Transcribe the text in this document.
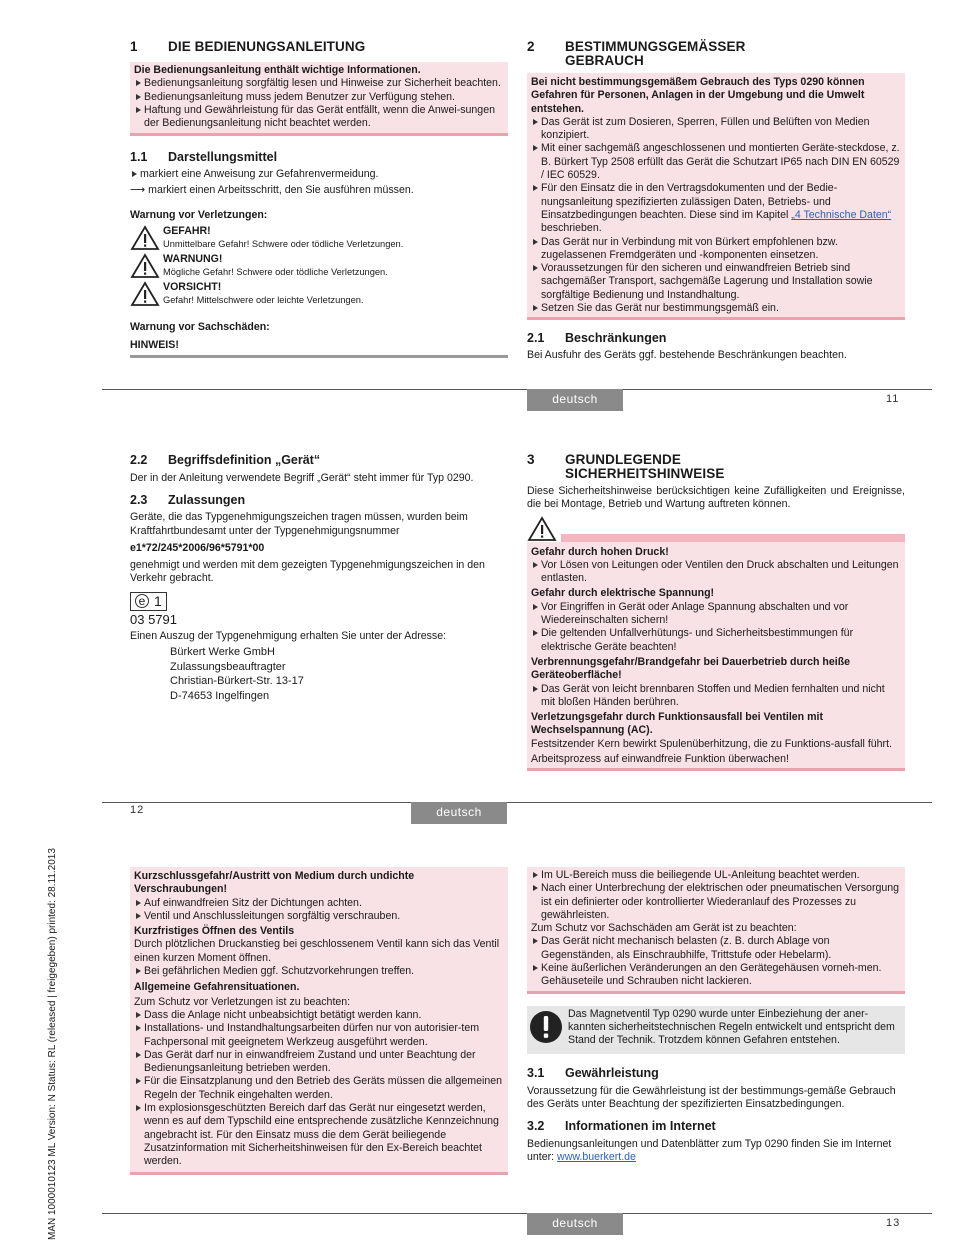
MAN 1000010123 ML Version: N Status: RL (released | freigegeben) printed: 28.11.2013
1 DIE BEDIENUNGSANLEITUNG
Die Bedienungsanleitung enthält wichtige Informationen.
Bedienungsanleitung sorgfältig lesen und Hinweise zur Sicherheit beachten.
Bedienungsanleitung muss jedem Benutzer zur Verfügung stehen.
Haftung und Gewährleistung für das Gerät entfällt, wenn die Anwei-sungen der Bedienungsanleitung nicht beachtet werden.
1.1 Darstellungsmittel
markiert eine Anweisung zur Gefahrenvermeidung.
⟶ markiert einen Arbeitsschritt, den Sie ausführen müssen.
Warnung vor Verletzungen:
GEFAHR!
Unmittelbare Gefahr! Schwere oder tödliche Verletzungen.
WARNUNG!
Mögliche Gefahr! Schwere oder tödliche Verletzungen.
VORSICHT!
Gefahr! Mittelschwere oder leichte Verletzungen.
Warnung vor Sachschäden:
HINWEIS!
2 BESTIMMUNGSGEMÄSSER
GEBRAUCH
Bei nicht bestimmungsgemäßem Gebrauch des Typs 0290 können Gefahren für Personen, Anlagen in der Umgebung und die Umwelt entstehen.
Das Gerät ist zum Dosieren, Sperren, Füllen und Belüften von Medien konzipiert.
Mit einer sachgemäß angeschlossenen und montierten Geräte-steckdose, z. B. Bürkert Typ 2508 erfüllt das Gerät die Schutzart IP65 nach DIN EN 60529 / IEC 60529.
Für den Einsatz die in den Vertragsdokumenten und der Bedie-nungsanleitung spezifizierten zulässigen Daten, Betriebs- und Einsatzbedingungen beachten. Diese sind im Kapitel „4 Technische Daten“ beschrieben.
Das Gerät nur in Verbindung mit von Bürkert empfohlenen bzw. zugelassenen Fremdgeräten und -komponenten einsetzen.
Voraussetzungen für den sicheren und einwandfreien Betrieb sind sachgemäßer Transport, sachgemäße Lagerung und Installation sowie sorgfältige Bedienung und Instandhaltung.
Setzen Sie das Gerät nur bestimmungsgemäß ein.
2.1 Beschränkungen
Bei Ausfuhr des Geräts ggf. bestehende Beschränkungen beachten.
deutsch	11
2.2 Begriffsdefinition „Gerät“
Der in der Anleitung verwendete Begriff „Gerät“ steht immer für Typ 0290.
2.3 Zulassungen
Geräte, die das Typgenehmigungszeichen tragen müssen, wurden beim Kraftfahrtbundesamt unter der Typgenehmigungsnummer
e1*72/245*2006/96*5791*00
genehmigt und werden mit dem gezeigten Typgenehmigungszeichen in den Verkehr gebracht.
e 1
03 5791
Einen Auszug der Typgenehmigung erhalten Sie unter der Adresse:
Bürkert Werke GmbH
Zulassungsbeauftragter
Christian-Bürkert-Str. 13-17
D-74653 Ingelfingen
3 GRUNDLEGENDE
SICHERHEITSHINWEISE
Diese Sicherheitshinweise berücksichtigen keine Zufälligkeiten und Ereignisse, die bei Montage, Betrieb und Wartung auftreten können.
Gefahr durch hohen Druck!
Vor Lösen von Leitungen oder Ventilen den Druck abschalten und Leitungen entlasten.
Gefahr durch elektrische Spannung!
Vor Eingriffen in Gerät oder Anlage Spannung abschalten und vor Wiedereinschalten sichern!
Die geltenden Unfallverhütungs- und Sicherheitsbestimmungen für elektrische Geräte beachten!
Verbrennungsgefahr/Brandgefahr bei Dauerbetrieb durch heiße Geräteoberfläche!
Das Gerät von leicht brennbaren Stoffen und Medien fernhalten und nicht mit bloßen Händen berühren.
Verletzungsgefahr durch Funktionsausfall bei Ventilen mit Wechselspannung (AC).
Festsitzender Kern bewirkt Spulenüberhitzung, die zu Funktions-ausfall führt.
Arbeitsprozess auf einwandfreie Funktion überwachen!
12	deutsch
Kurzschlussgefahr/Austritt von Medium durch undichte Verschraubungen!
Auf einwandfreien Sitz der Dichtungen achten.
Ventil und Anschlussleitungen sorgfältig verschrauben.
Kurzfristiges Öffnen des Ventils
Durch plötzlichen Druckanstieg bei geschlossenem Ventil kann sich das Ventil einen kurzen Moment öffnen.
Bei gefährlichen Medien ggf. Schutzvorkehrungen treffen.
Allgemeine Gefahrensituationen.
Zum Schutz vor Verletzungen ist zu beachten:
Dass die Anlage nicht unbeabsichtigt betätigt werden kann.
Installations- und Instandhaltungsarbeiten dürfen nur von autorisier-tem Fachpersonal mit geeignetem Werkzeug ausgeführt werden.
Das Gerät darf nur in einwandfreiem Zustand und unter Beachtung der Bedienungsanleitung betrieben werden.
Für die Einsatzplanung und den Betrieb des Geräts müssen die allgemeinen Regeln der Technik eingehalten werden.
Im explosionsgeschützten Bereich darf das Gerät nur eingesetzt werden, wenn es auf dem Typschild eine entsprechende zusätzliche Kennzeichnung angebracht ist. Für den Einsatz muss die dem Gerät beiliegende Zusatzinformation mit Sicherheitshinweisen für den Ex-Bereich beachtet werden.
Im UL-Bereich muss die beiliegende UL-Anleitung beachtet werden.
Nach einer Unterbrechung der elektrischen oder pneumatischen Versorgung ist ein definierter oder kontrollierter Wiederanlauf des Prozesses zu gewährleisten.
Zum Schutz vor Sachschäden am Gerät ist zu beachten:
Das Gerät nicht mechanisch belasten (z. B. durch Ablage von Gegenständen, als Einschraubhilfe, Trittstufe oder Hebelarm).
Keine äußerlichen Veränderungen an den Gerätegehäusen vorneh-men. Gehäuseteile und Schrauben nicht lackieren.
Das Magnetventil Typ 0290 wurde unter Einbeziehung der aner-kannten sicherheitstechnischen Regeln entwickelt und entspricht dem Stand der Technik. Trotzdem können Gefahren entstehen.
3.1 Gewährleistung
Voraussetzung für die Gewährleistung ist der bestimmungs-gemäße Gebrauch des Geräts unter Beachtung der spezifizierten Einsatzbedingungen.
3.2 Informationen im Internet
Bedienungsanleitungen und Datenblätter zum Typ 0290 finden Sie im Internet unter: www.buerkert.de
deutsch	13
